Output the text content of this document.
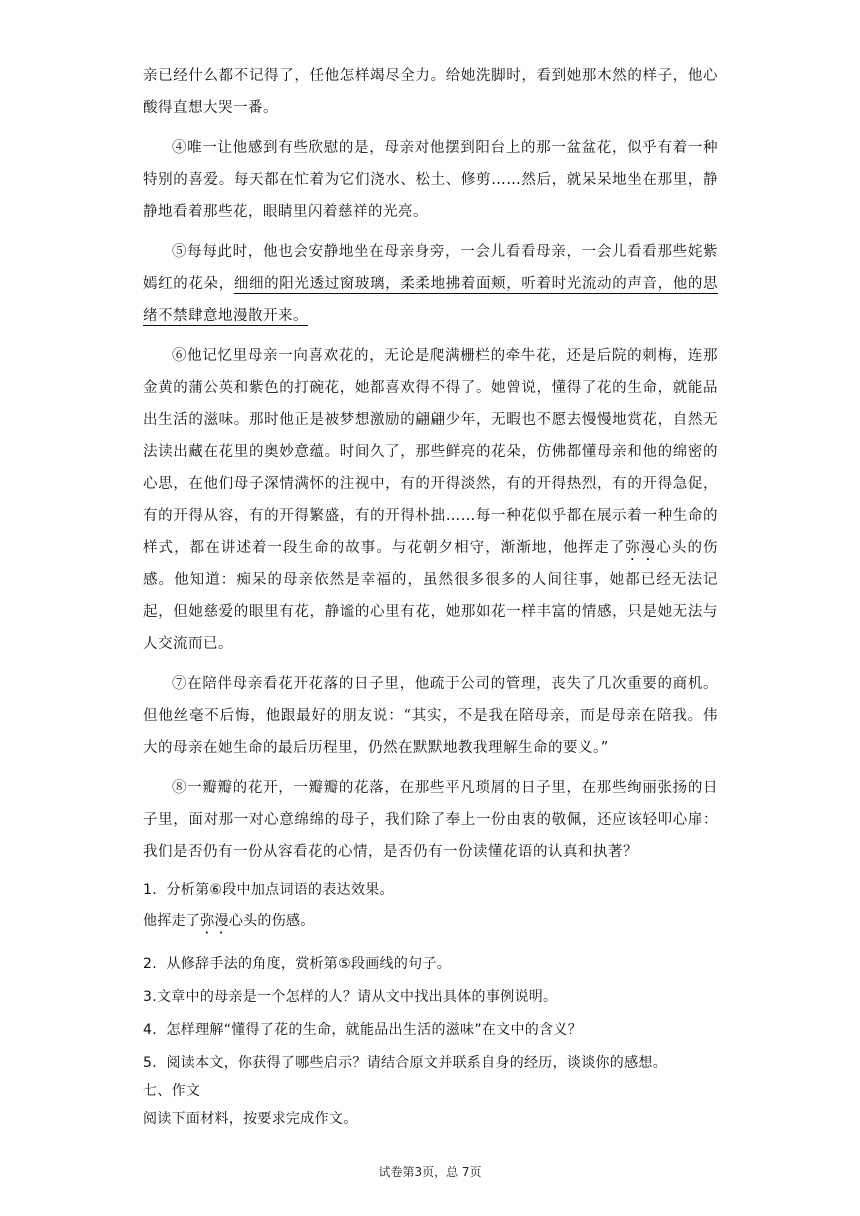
亲已经什么都不记得了，任他怎样竭尽全力。给她洗脚时，看到她那木然的样子，他心酸得直想大哭一番。

④唯一让他感到有些欣慰的是，母亲对他摆到阳台上的那一盆盆花，似乎有着一种特别的喜爱。每天都在忙着为它们浇水、松土、修剪……然后，就呆呆地坐在那里，静静地看着那些花，眼睛里闪着慈祥的光亮。

⑤每每此时，他也会安静地坐在母亲身旁，一会儿看看母亲，一会儿看看那些姹紫嫣红的花朵，细细的阳光透过窗玻璃，柔柔地拂着面颊，听着时光流动的声音，他的思绪不禁肆意地漫散开来。

⑥他记忆里母亲一向喜欢花的，无论是爬满栅栏的牵牛花，还是后院的刺梅，连那金黄的蒲公英和紫色的打碗花，她都喜欢得不得了。她曾说，懂得了花的生命，就能品出生活的滋味。那时他正是被梦想激励的翩翩少年，无暇也不愿去慢慢地赏花，自然无法读出藏在花里的奥妙意蕴。时间久了，那些鲜亮的花朵，仿佛都懂母亲和他的绵密的心思，在他们母子深情满怀的注视中，有的开得淡然，有的开得热烈，有的开得急促，有的开得从容，有的开得繁盛，有的开得朴拙……每一种花似乎都在展示着一种生命的样式，都在讲述着一段生命的故事。与花朝夕相守，渐渐地，他挥走了弥漫心头的伤感。他知道：痴呆的母亲依然是幸福的，虽然很多很多的人间往事，她都已经无法记起，但她慈爱的眼里有花，静谧的心里有花，她那如花一样丰富的情感，只是她无法与人交流而已。

⑦在陪伴母亲看花开花落的日子里，他疏于公司的管理，丧失了几次重要的商机。但他丝毫不后悔，他跟最好的朋友说：“其实，不是我在陪母亲，而是母亲在陪我。伟大的母亲在她生命的最后历程里，仍然在默默地教我理解生命的要义。”

⑧一瓣瓣的花开，一瓣瓣的花落，在那些平凡琐屑的日子里，在那些绚丽张扬的日子里，面对那一对心意绵绵的母子，我们除了奉上一份由衷的敬佩，还应该轻叩心扉：我们是否仍有一份从容看花的心情，是否仍有一份读懂花语的认真和执著？

1．分析第⑥段中加点词语的表达效果。

他挥走了弥漫心头的伤感。

2．从修辞手法的角度，赏析第⑤段画线的句子。

3.文章中的母亲是一个怎样的人？请从文中找出具体的事例说明。

4．怎样理解“懂得了花的生命，就能品出生活的滋味”在文中的含义？

5．阅读本文，你获得了哪些启示？请结合原文并联系自身的经历，谈谈你的感想。

七、作文

阅读下面材料，按要求完成作文。

试卷第3页，总 7页
